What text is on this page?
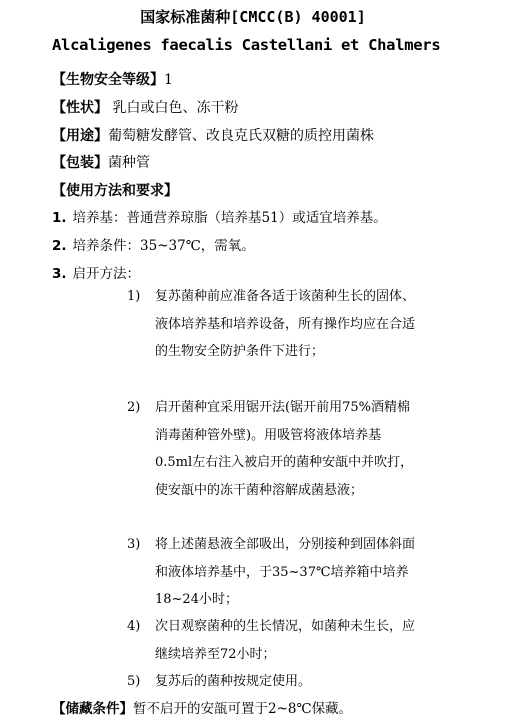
国家标准菌种[CMCC(B) 40001]
Alcaligenes faecalis Castellani et Chalmers
【生物安全等级】1
【性状】 乳白或白色、冻干粉
【用途】葡萄糖发酵管、改良克氏双糖的质控用菌株
【包装】菌种管
【使用方法和要求】
1. 培养基：普通营养琼脂（培养基51）或适宜培养基。
2. 培养条件：35~37℃，需氧。
3. 启开方法：
1)	复苏菌种前应准备各适于该菌种生长的固体、液体培养基和培养设备，所有操作均应在合适的生物安全防护条件下进行；
2)	启开菌种宜采用锯开法(锯开前用75%酒精棉消毒菌种管外壁)。用吸管将液体培养基0.5ml左右注入被启开的菌种安瓿中并吹打，使安瓿中的冻干菌种溶解成菌悬液；
3)	将上述菌悬液全部吸出，分别接种到固体斜面和液体培养基中，于35~37℃培养箱中培养18~24小时；
4)	次日观察菌种的生长情况，如菌种未生长，应继续培养至72小时；
5)	复苏后的菌种按规定使用。
【储藏条件】暂不启开的安瓿可置于2~8℃保藏。
